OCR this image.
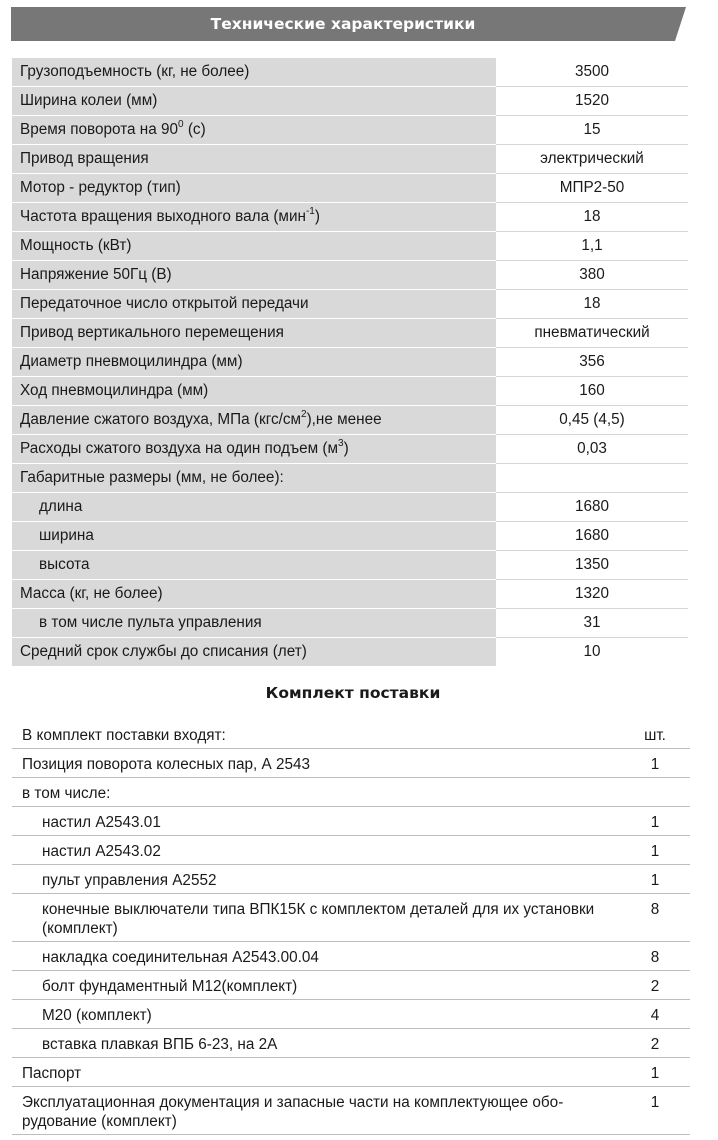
Технические характеристики
Грузоподъемность (кг, не более)	3500
Ширина колеи (мм)	1520
Время поворота на $90^0$ (с)	15
Привод вращения	электрический
Мотор - редуктор (тип)	МПР2-50
Частота вращения выходного вала (мин$^{-1}$)	18
Мощность (кВт)	1,1
Напряжение 50Гц (В)	380
Передаточное число открытой передачи	18
Привод вертикального перемещения	пневматический
Диаметр пневмоцилиндра (мм)	356
Ход пневмоцилиндра (мм)	160
Давление сжатого воздуха, МПа $(кгс/см^2),не$ менее	0,45 (4,5)
Расходы сжатого воздуха на один подъем $(м^3)$	0,03
Габаритные размеры (мм, не более):	
длина	1680
ширина	1680
высота	1350
Масса (кг, не более)	1320
в том числе пульта управления	31
Средний срок службы до списания (лет)	10
Комплект поставки
В комплект поставки входят:	шт.
Позиция поворота колесных пар, А 2543	1
в том числе:	
настил А2543.01	1
настил А2543.02	1
пульт управления А2552	1
конечные выключатели типа ВПК15К с комплектом деталей для их установки (комплект)	8
накладка соединительная А2543.00.04	8
болт фундаментный М12(комплект)	2
М20 (комплект)	4
вставка плавкая ВПБ 6-23, на 2А	2
Паспорт	1
Эксплуатационная документация и запасные части на комплектующее обо-рудование (комплект)	1
